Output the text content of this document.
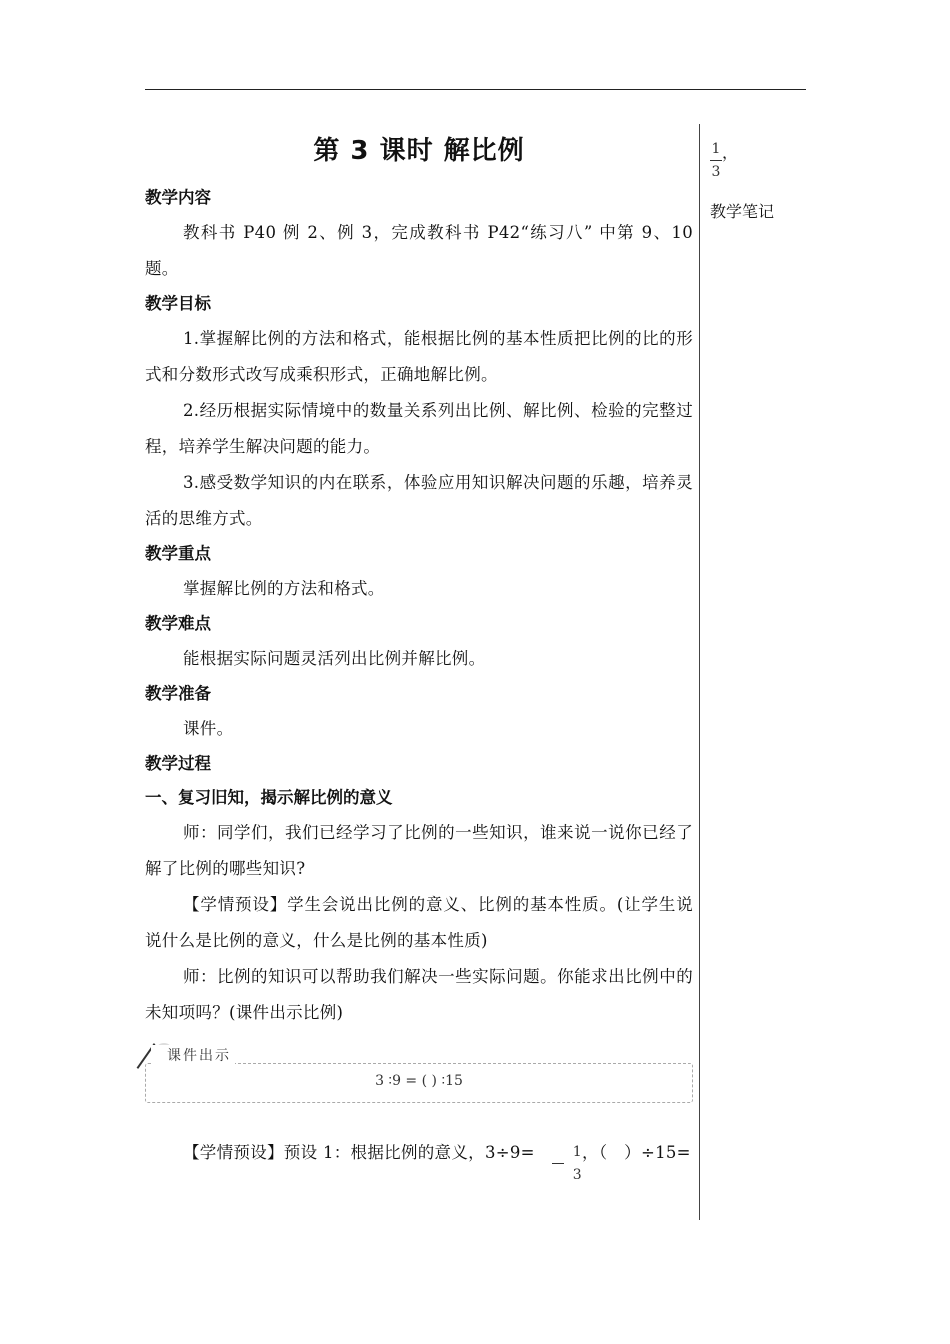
$\frac{1}{3}$ ，
教学笔记
第 3 课时 解比例
教学内容
教科书 P40 例 2、例 3，完成教科书 P42“练习八” 中第 9、10 题。
教学目标
1.掌握解比例的方法和格式，能根据比例的基本性质把比例的比的形式和分数形式改写成乘积形式，正确地解比例。
2.经历根据实际情境中的数量关系列出比例、解比例、检验的完整过程，培养学生解决问题的能力。
3.感受数学知识的内在联系，体验应用知识解决问题的乐趣，培养灵活的思维方式。
教学重点
掌握解比例的方法和格式。
教学难点
能根据实际问题灵活列出比例并解比例。
教学准备
课件。
教学过程
一、复习旧知，揭示解比例的意义
师：同学们，我们已经学习了比例的一些知识，谁来说一说你已经了解了比例的哪些知识?
【学情预设】学生会说出比例的意义、比例的基本性质。(让学生说说什么是比例的意义，什么是比例的基本性质)
师：比例的知识可以帮助我们解决一些实际问题。你能求出比例中的未知项吗？(课件出示比例)
课件出示
3 ∶9 = ( ) ∶15
【学情预设】预设 1：根据比例的意义，$3\div 9= \frac{1}{3}$ ，（　）÷15=
